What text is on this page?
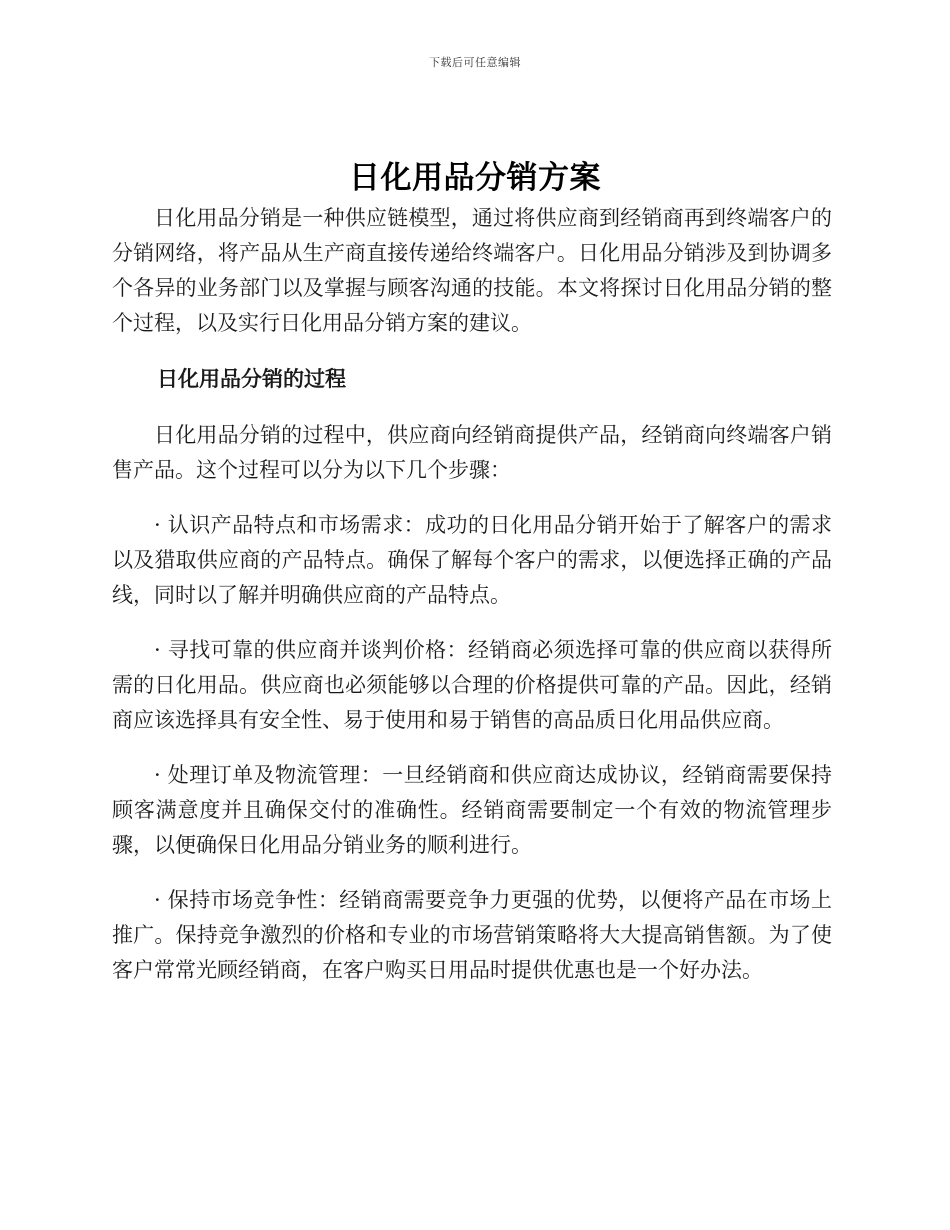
下载后可任意编辑
日化用品分销方案

日化用品分销是一种供应链模型，通过将供应商到经销商再到终端客户的分销网络，将产品从生产商直接传递给终端客户。日化用品分销涉及到协调多个各异的业务部门以及掌握与顾客沟通的技能。本文将探讨日化用品分销的整个过程，以及实行日化用品分销方案的建议。

日化用品分销的过程

日化用品分销的过程中，供应商向经销商提供产品，经销商向终端客户销售产品。这个过程可以分为以下几个步骤：

· 认识产品特点和市场需求：成功的日化用品分销开始于了解客户的需求以及猎取供应商的产品特点。确保了解每个客户的需求，以便选择正确的产品线，同时以了解并明确供应商的产品特点。

· 寻找可靠的供应商并谈判价格：经销商必须选择可靠的供应商以获得所需的日化用品。供应商也必须能够以合理的价格提供可靠的产品。因此，经销商应该选择具有安全性、易于使用和易于销售的高品质日化用品供应商。

· 处理订单及物流管理：一旦经销商和供应商达成协议，经销商需要保持顾客满意度并且确保交付的准确性。经销商需要制定一个有效的物流管理步骤，以便确保日化用品分销业务的顺利进行。

· 保持市场竞争性：经销商需要竞争力更强的优势，以便将产品在市场上推广。保持竞争激烈的价格和专业的市场营销策略将大大提高销售额。为了使客户常常光顾经销商，在客户购买日用品时提供优惠也是一个好办法。
